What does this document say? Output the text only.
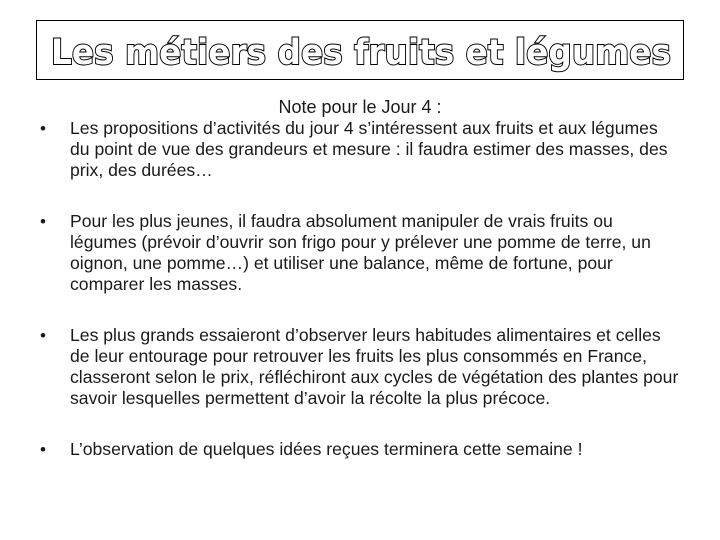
Les métiers des fruits et légumes
Note pour le Jour 4 :
•	Les propositions d’activités du jour 4 s’intéressent aux fruits et aux légumes du point de vue des grandeurs et mesure : il faudra estimer des masses, des prix, des durées…
•	Pour les plus jeunes, il faudra absolument manipuler de vrais fruits ou légumes (prévoir d’ouvrir son frigo pour y prélever une pomme de terre, un oignon, une pomme…) et utiliser une balance, même de fortune, pour comparer les masses.
•	Les plus grands essaieront d’observer leurs habitudes alimentaires et celles de leur entourage pour retrouver les fruits les plus consommés en France, classeront selon le prix, réfléchiront aux cycles de végétation des plantes pour savoir lesquelles permettent d’avoir la récolte la plus précoce.
•	L’observation de quelques idées reçues terminera cette semaine !
